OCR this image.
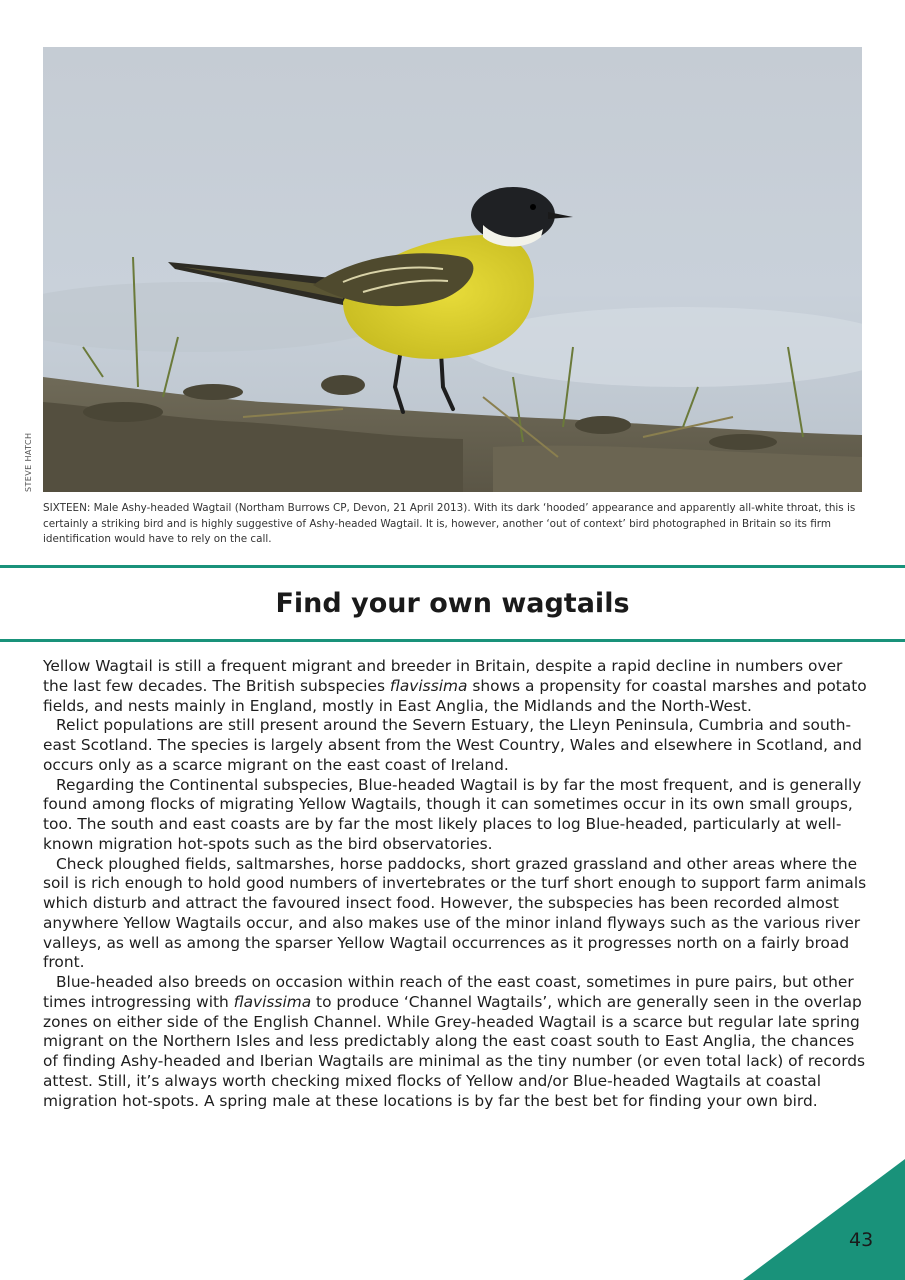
STEVE HATCH
SIXTEEN: Male Ashy-headed Wagtail (Northam Burrows CP, Devon, 21 April 2013). With its dark ‘hooded’ appearance and apparently all-white throat, this is certainly a striking bird and is highly suggestive of Ashy-headed Wagtail. It is, however, another ‘out of context’ bird photographed in Britain so its firm identification would have to rely on the call.
Find your own wagtails

Yellow Wagtail is still a frequent migrant and breeder in Britain, despite a rapid decline in numbers over the last few decades. The British subspecies flavissima shows a propensity for coastal marshes and potato fields, and nests mainly in England, mostly in East Anglia, the Midlands and the North-West.

Relict populations are still present around the Severn Estuary, the Lleyn Peninsula, Cumbria and south-east Scotland. The species is largely absent from the West Country, Wales and elsewhere in Scotland, and occurs only as a scarce migrant on the east coast of Ireland.

Regarding the Continental subspecies, Blue-headed Wagtail is by far the most frequent, and is generally found among flocks of migrating Yellow Wagtails, though it can sometimes occur in its own small groups, too. The south and east coasts are by far the most likely places to log Blue-headed, particularly at well-known migration hot-spots such as the bird observatories.

Check ploughed fields, saltmarshes, horse paddocks, short grazed grassland and other areas where the soil is rich enough to hold good numbers of invertebrates or the turf short enough to support farm animals which disturb and attract the favoured insect food. However, the subspecies has been recorded almost anywhere Yellow Wagtails occur, and also makes use of the minor inland flyways such as the various river valleys, as well as among the sparser Yellow Wagtail occurrences as it progresses north on a fairly broad front.

Blue-headed also breeds on occasion within reach of the east coast, sometimes in pure pairs, but other times introgressing with flavissima to produce ‘Channel Wagtails’, which are generally seen in the overlap zones on either side of the English Channel. While Grey-headed Wagtail is a scarce but regular late spring migrant on the Northern Isles and less predictably along the east coast south to East Anglia, the chances of finding Ashy-headed and Iberian Wagtails are minimal as the tiny number (or even total lack) of records attest. Still, it’s always worth checking mixed flocks of Yellow and/or Blue-headed Wagtails at coastal migration hot-spots. A spring male at these locations is by far the best bet for finding your own bird.

43
